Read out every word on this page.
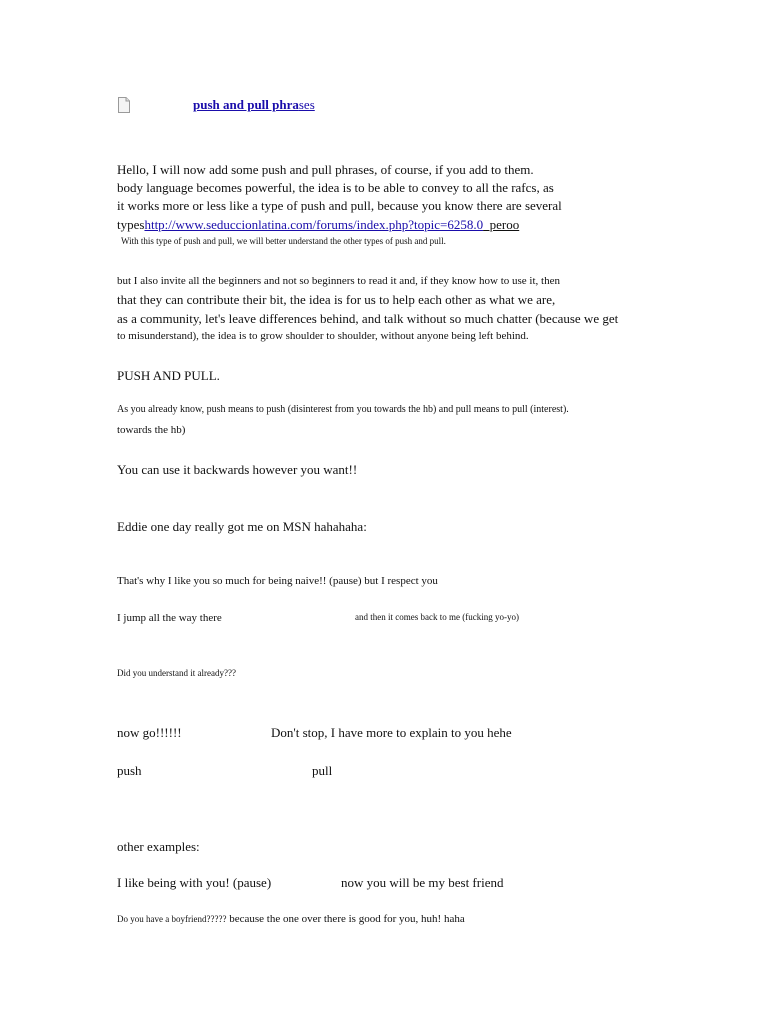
push and pull phrases
Hello, I will now add some push and pull phrases, of course, if you add to them.
body language becomes powerful, the idea is to be able to convey to all the rafcs, as
it works more or less like a type of push and pull, because you know there are several
typeshttp://www.seduccionlatina.com/forums/index.php?topic=6258.0  peroo
With this type of push and pull, we will better understand the other types of push and pull.
but I also invite all the beginners and not so beginners to read it and, if they know how to use it, then
that they can contribute their bit, the idea is for us to help each other as what we are,
as a community, let's leave differences behind, and talk without so much chatter (because we get
to misunderstand), the idea is to grow shoulder to shoulder, without anyone being left behind.
PUSH AND PULL.
As you already know, push means to push (disinterest from you towards the hb) and pull means to pull (interest).
towards the hb)
You can use it backwards however you want!!
Eddie one day really got me on MSN hahahaha:
That's why I like you so much for being naive!! (pause) but I respect you
I jump all the way there	and then it comes back to me (fucking yo-yo)
Did you understand it already???
now go!!!!!!	Don't stop, I have more to explain to you hehe
push	pull
other examples:
I like being with you! (pause)	now you will be my best friend
Do you have a boyfriend????? because the one over there is good for you, huh! haha
